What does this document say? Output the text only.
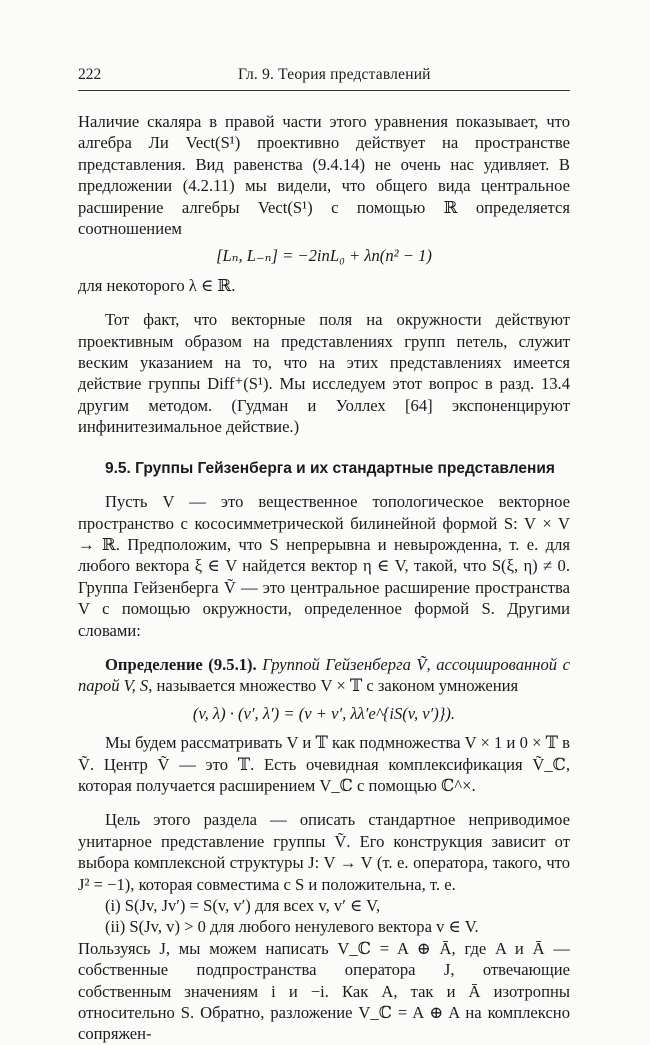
222	Гл. 9. Теория представлений

Наличие скаляра в правой части этого уравнения показывает, что алгебра Ли Vect(S¹) проективно действует на пространстве представления. Вид равенства (9.4.14) не очень нас удивляет. В предложении (4.2.11) мы видели, что общего вида центральное расширение алгебры Vect(S¹) с помощью ℝ определяется соотношением

[Lₙ, L₋ₙ] = −2inL₀ + λn(n² − 1)

для некоторого λ ∈ ℝ.

Тот факт, что векторные поля на окружности действуют проективным образом на представлениях групп петель, служит веским указанием на то, что на этих представлениях имеется действие группы Diff⁺(S¹). Мы исследуем этот вопрос в разд. 13.4 другим методом. (Гудман и Уоллех [64] экспоненцируют инфинитезимальное действие.)

9.5. Группы Гейзенберга и их стандартные представления

Пусть V — это вещественное топологическое векторное пространство с кососимметрической билинейной формой S: V × V → ℝ. Предположим, что S непрерывна и невырожденна, т. е. для любого вектора ξ ∈ V найдется вектор η ∈ V, такой, что S(ξ, η) ≠ 0. Группа Гейзенберга Ṽ — это центральное расширение пространства V с помощью окружности, определенное формой S. Другими словами:

Определение (9.5.1). Группой Гейзенберга Ṽ, ассоциированной с парой V, S, называется множество V × 𝕋 с законом умножения

(v, λ) · (v′, λ′) = (v + v′, λλ′e^{iS(v, v′)}).

Мы будем рассматривать V и 𝕋 как подмножества V × 1 и 0 × 𝕋 в Ṽ. Центр Ṽ — это 𝕋. Есть очевидная комплексификация Ṽ_ℂ, которая получается расширением V_ℂ с помощью ℂ^×.

Цель этого раздела — описать стандартное неприводимое унитарное представление группы Ṽ. Его конструкция зависит от выбора комплексной структуры J: V → V (т. е. оператора, такого, что J² = −1), которая совместима с S и положительна, т. е.

(i) S(Jv, Jv′) = S(v, v′) для всех v, v′ ∈ V,
(ii) S(Jv, v) > 0 для любого ненулевого вектора v ∈ V.

Пользуясь J, мы можем написать V_ℂ = A ⊕ Ā, где A и Ā — собственные подпространства оператора J, отвечающие собственным значениям i и −i. Как A, так и Ā изотропны относительно S. Обратно, разложение V_ℂ = A ⊕ A на комплексно сопряжен-
